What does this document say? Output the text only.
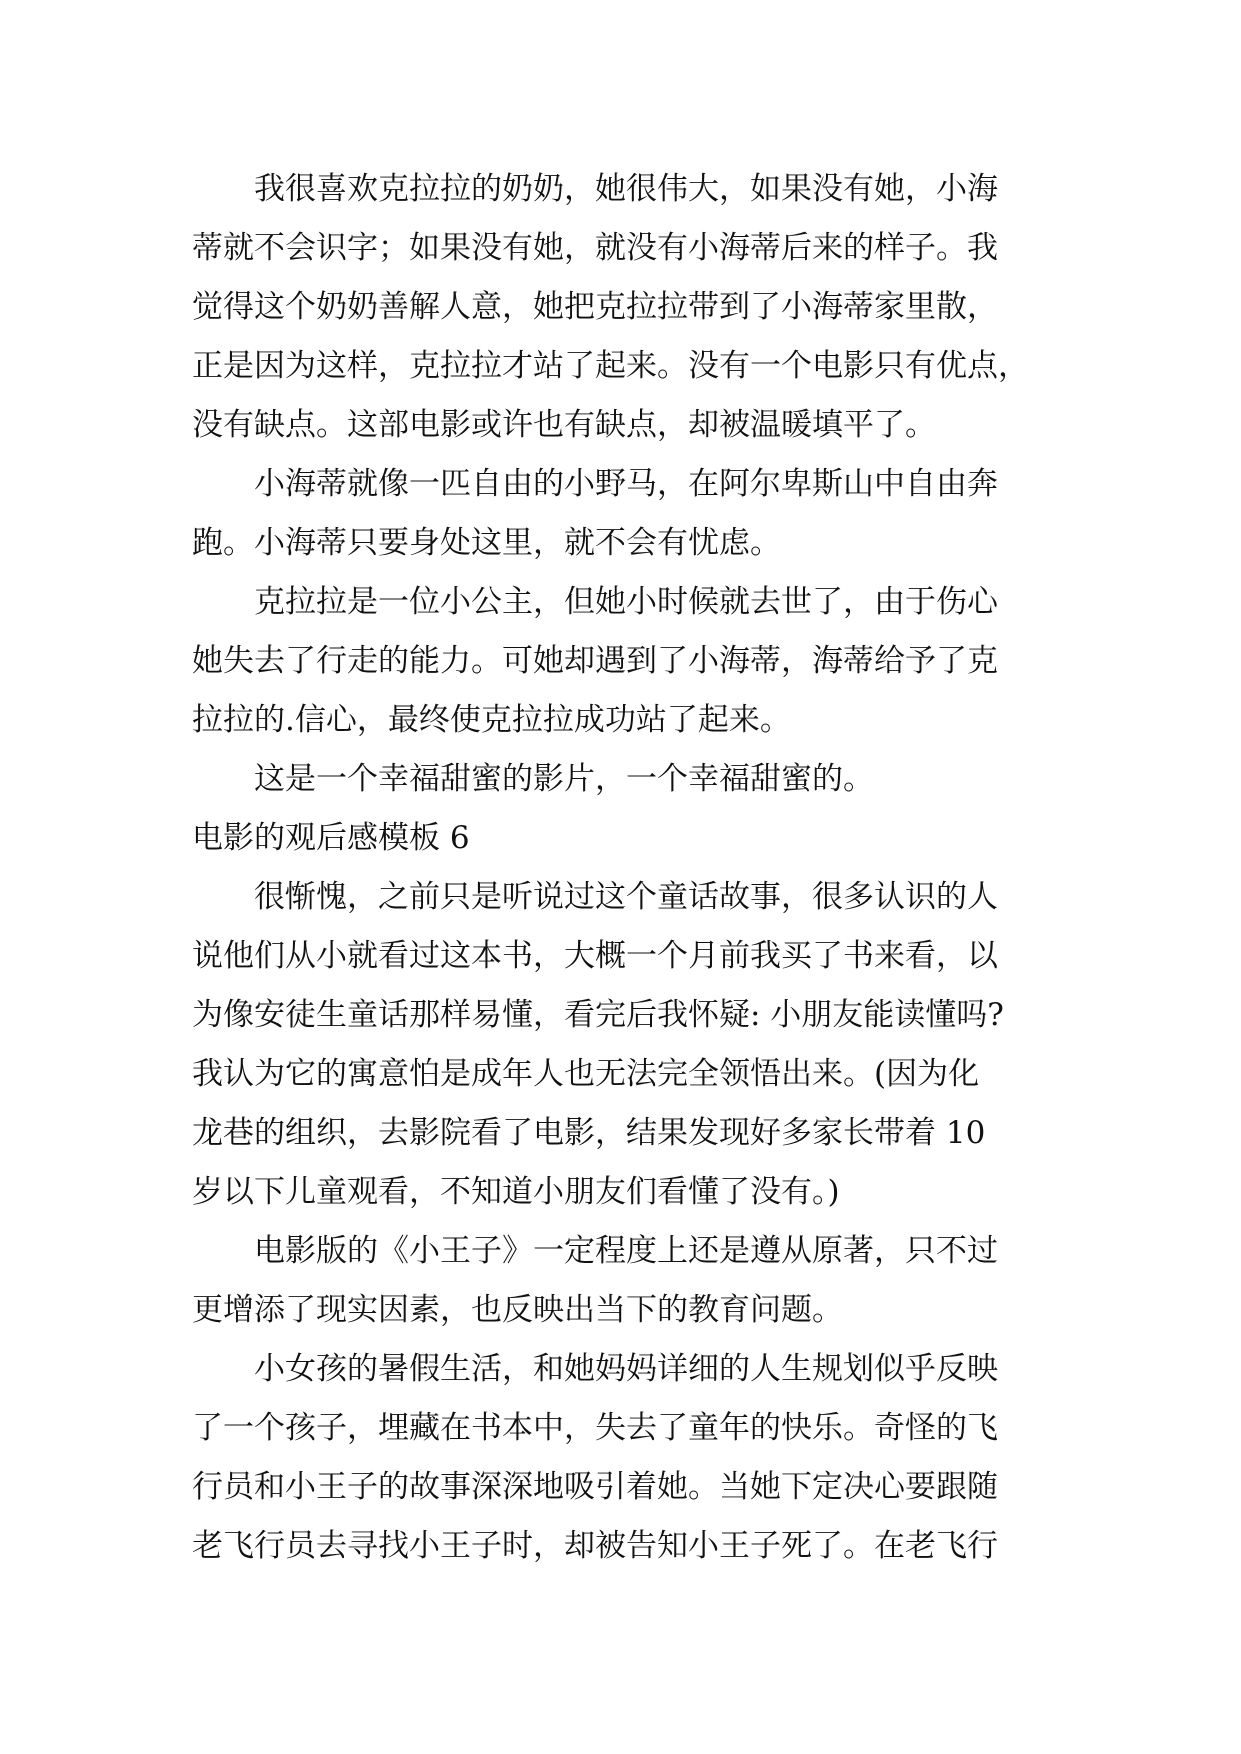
　　我很喜欢克拉拉的奶奶，她很伟大，如果没有她，小海
蒂就不会识字；如果没有她，就没有小海蒂后来的样子。我
觉得这个奶奶善解人意，她把克拉拉带到了小海蒂家里散，
正是因为这样，克拉拉才站了起来。没有一个电影只有优点，
没有缺点。这部电影或许也有缺点，却被温暖填平了。
　　小海蒂就像一匹自由的小野马，在阿尔卑斯山中自由奔
跑。小海蒂只要身处这里，就不会有忧虑。
　　克拉拉是一位小公主，但她小时候就去世了，由于伤心
她失去了行走的能力。可她却遇到了小海蒂，海蒂给予了克
拉拉的.信心，最终使克拉拉成功站了起来。
　　这是一个幸福甜蜜的影片，一个幸福甜蜜的。
电影的观后感模板 6
　　很惭愧，之前只是听说过这个童话故事，很多认识的人
说他们从小就看过这本书，大概一个月前我买了书来看，以
为像安徒生童话那样易懂，看完后我怀疑: 小朋友能读懂吗?
我认为它的寓意怕是成年人也无法完全领悟出来。(因为化
龙巷的组织，去影院看了电影，结果发现好多家长带着 10
岁以下儿童观看，不知道小朋友们看懂了没有。)
　　电影版的《小王子》一定程度上还是遵从原著，只不过
更增添了现实因素，也反映出当下的教育问题。
　　小女孩的暑假生活，和她妈妈详细的人生规划似乎反映
了一个孩子，埋藏在书本中，失去了童年的快乐。奇怪的飞
行员和小王子的故事深深地吸引着她。当她下定决心要跟随
老飞行员去寻找小王子时，却被告知小王子死了。在老飞行
